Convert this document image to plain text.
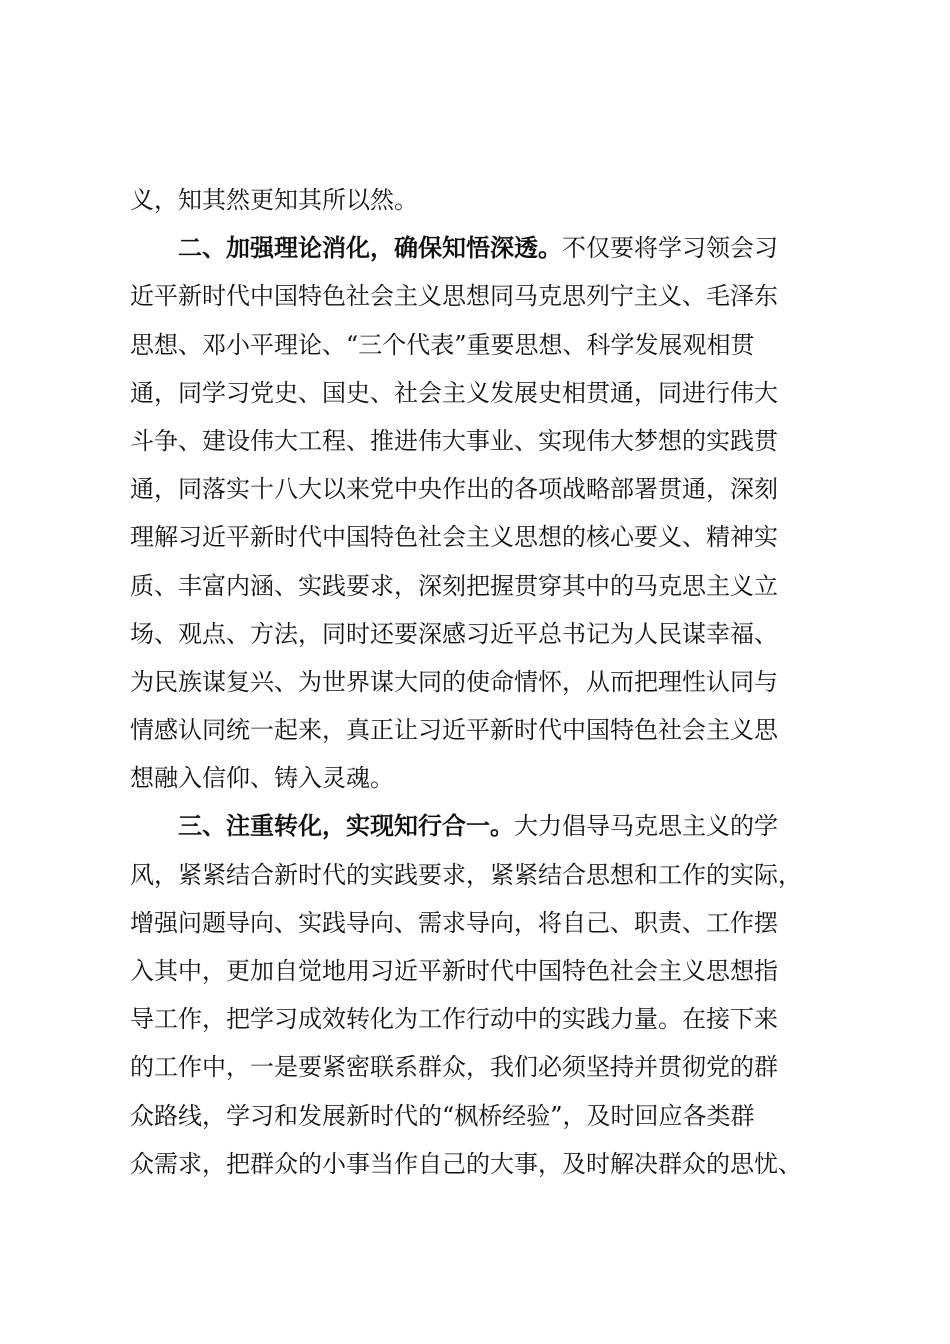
义，知其然更知其所以然。
二、加强理论消化，确保知悟深透。不仅要将学习领会习
近平新时代中国特色社会主义思想同马克思列宁主义、毛泽东
思想、邓小平理论、“三个代表”重要思想、科学发展观相贯
通，同学习党史、国史、社会主义发展史相贯通，同进行伟大
斗争、建设伟大工程、推进伟大事业、实现伟大梦想的实践贯
通，同落实十八大以来党中央作出的各项战略部署贯通，深刻
理解习近平新时代中国特色社会主义思想的核心要义、精神实
质、丰富内涵、实践要求，深刻把握贯穿其中的马克思主义立
场、观点、方法，同时还要深感习近平总书记为人民谋幸福、
为民族谋复兴、为世界谋大同的使命情怀，从而把理性认同与
情感认同统一起来，真正让习近平新时代中国特色社会主义思
想融入信仰、铸入灵魂。
三、注重转化，实现知行合一。大力倡导马克思主义的学
风，紧紧结合新时代的实践要求，紧紧结合思想和工作的实际，
增强问题导向、实践导向、需求导向，将自己、职责、工作摆
入其中，更加自觉地用习近平新时代中国特色社会主义思想指
导工作，把学习成效转化为工作行动中的实践力量。在接下来
的工作中，一是要紧密联系群众，我们必须坚持并贯彻党的群
众路线，学习和发展新时代的“枫桥经验”，及时回应各类群
众需求，把群众的小事当作自己的大事，及时解决群众的思忧、
